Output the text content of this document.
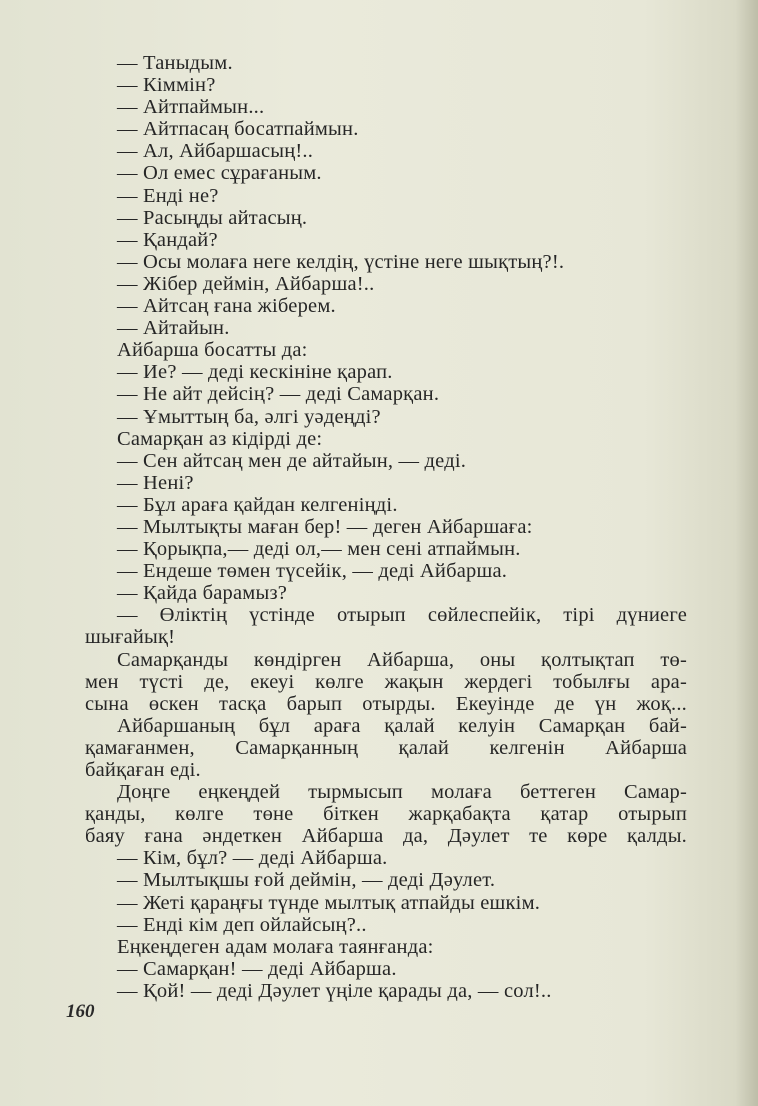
— Таныдым.
— Кіммін?
— Айтпаймын...
— Айтпасаң босатпаймын.
— Ал, Айбаршасың!..
— Ол емес сұрағаным.
— Енді не?
— Расыңды айтасың.
— Қандай?
— Осы молаға неге келдің, үстіне неге шықтың?!.
— Жібер деймін, Айбарша!..
— Айтсаң ғана жіберем.
— Айтайын.
Айбарша босатты да:
— Ие? — деді кескініне қарап.
— Не айт дейсің? — деді Самарқан.
— Ұмыттың ба, әлгі уәдеңді?
Самарқан аз кідірді де:
— Сен айтсаң мен де айтайын, — деді.
— Нені?
— Бұл араға қайдан келгеніңді.
— Мылтықты маған бер! — деген Айбаршаға:
— Қорықпа,— деді ол,— мен сені атпаймын.
— Ендеше төмен түсейік, — деді Айбарша.
— Қайда барамыз?
— Өліктің үстінде отырып сөйлеспейік, тірі дүниеге
шығайық!
Самарқанды көндірген Айбарша, оны қолтықтап тө-
мен түсті де, екеуі көлге жақын жердегі тобылғы ара-
сына өскен тасқа барып отырды. Екеуінде де үн жоқ...
Айбаршаның бұл араға қалай келуін Самарқан бай-
қамағанмен, Самарқанның қалай келгенін Айбарша
байқаған еді.
Доңге еңкеңдей тырмысып молаға беттеген Самар-
қанды, көлге төне біткен жарқабақта қатар отырып
баяу ғана әндеткен Айбарша да, Дәулет те көре қалды.
— Кім, бұл? — деді Айбарша.
— Мылтықшы ғой деймін, — деді Дәулет.
— Жеті қараңғы түнде мылтық атпайды ешкім.
— Енді кім деп ойлайсың?..
Еңкеңдеген адам молаға таянғанда:
— Самарқан! — деді Айбарша.
— Қой! — деді Дәулет үңіле қарады да, — сол!..
160
